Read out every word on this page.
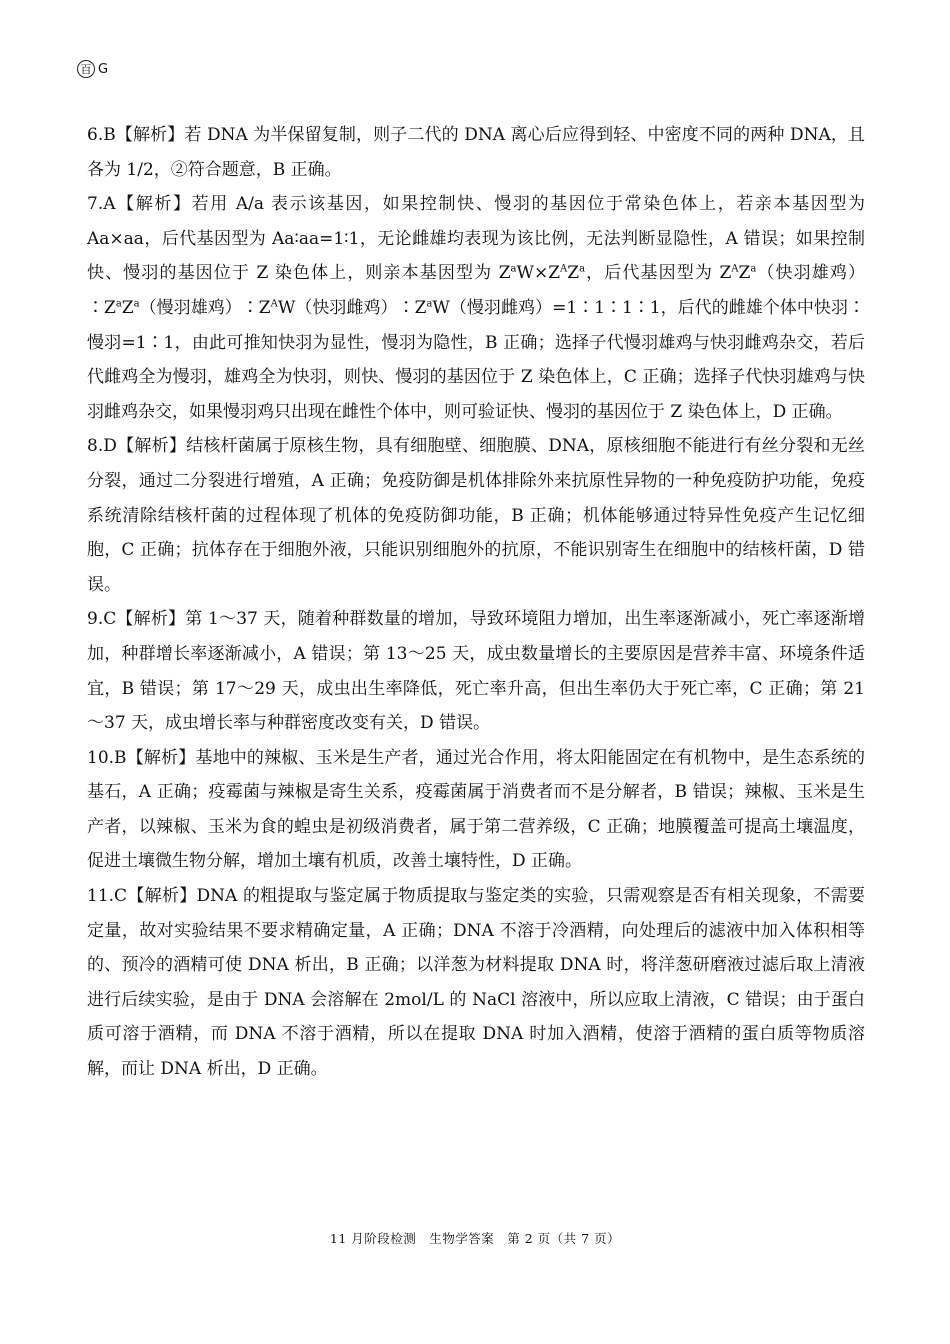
百 G

6.B【解析】若 DNA 为半保留复制，则子二代的 DNA 离心后应得到轻、中密度不同的两种 DNA，且各为 1/2，②符合题意，B 正确。

7.A【解析】若用 A/a 表示该基因，如果控制快、慢羽的基因位于常染色体上，若亲本基因型为 Aa×aa，后代基因型为 Aa∶aa=1∶1，无论雌雄均表现为该比例，无法判断显隐性，A 错误；如果控制快、慢羽的基因位于 Z 染色体上，则亲本基因型为 $Z^aW\times Z^AZ^a$，后代基因型为 $Z^AZ^a$（快羽雄鸡）$∶Z^aZ^a$（慢羽雄鸡）$∶Z^AW$（快羽雌鸡）$∶Z^aW$（慢羽雌鸡）=1∶1∶1∶1，后代的雌雄个体中快羽∶慢羽=1∶1，由此可推知快羽为显性，慢羽为隐性，B 正确；选择子代慢羽雄鸡与快羽雌鸡杂交，若后代雌鸡全为慢羽，雄鸡全为快羽，则快、慢羽的基因位于 Z 染色体上，C 正确；选择子代快羽雄鸡与快羽雌鸡杂交，如果慢羽鸡只出现在雌性个体中，则可验证快、慢羽的基因位于 Z 染色体上，D 正确。

8.D【解析】结核杆菌属于原核生物，具有细胞壁、细胞膜、DNA，原核细胞不能进行有丝分裂和无丝分裂，通过二分裂进行增殖，A 正确；免疫防御是机体排除外来抗原性异物的一种免疫防护功能，免疫系统清除结核杆菌的过程体现了机体的免疫防御功能，B 正确；机体能够通过特异性免疫产生记忆细胞，C 正确；抗体存在于细胞外液，只能识别细胞外的抗原，不能识别寄生在细胞中的结核杆菌，D 错误。

9.C【解析】第 1～37 天，随着种群数量的增加，导致环境阻力增加，出生率逐渐减小，死亡率逐渐增加，种群增长率逐渐减小，A 错误；第 13～25 天，成虫数量增长的主要原因是营养丰富、环境条件适宜，B 错误；第 17～29 天，成虫出生率降低，死亡率升高，但出生率仍大于死亡率，C 正确；第 21～37 天，成虫增长率与种群密度改变有关，D 错误。

10.B【解析】基地中的辣椒、玉米是生产者，通过光合作用，将太阳能固定在有机物中，是生态系统的基石，A 正确；疫霉菌与辣椒是寄生关系，疫霉菌属于消费者而不是分解者，B 错误；辣椒、玉米是生产者，以辣椒、玉米为食的蝗虫是初级消费者，属于第二营养级，C 正确；地膜覆盖可提高土壤温度，促进土壤微生物分解，增加土壤有机质，改善土壤特性，D 正确。

11.C【解析】DNA 的粗提取与鉴定属于物质提取与鉴定类的实验，只需观察是否有相关现象，不需要定量，故对实验结果不要求精确定量，A 正确；DNA 不溶于冷酒精，向处理后的滤液中加入体积相等的、预冷的酒精可使 DNA 析出，B 正确；以洋葱为材料提取 DNA 时，将洋葱研磨液过滤后取上清液进行后续实验，是由于 DNA 会溶解在 2mol/L 的 NaCl 溶液中，所以应取上清液，C 错误；由于蛋白质可溶于酒精，而 DNA 不溶于酒精，所以在提取 DNA 时加入酒精，使溶于酒精的蛋白质等物质溶解，而让 DNA 析出，D 正确。

11 月阶段检测　生物学答案　第 2 页（共 7 页）
